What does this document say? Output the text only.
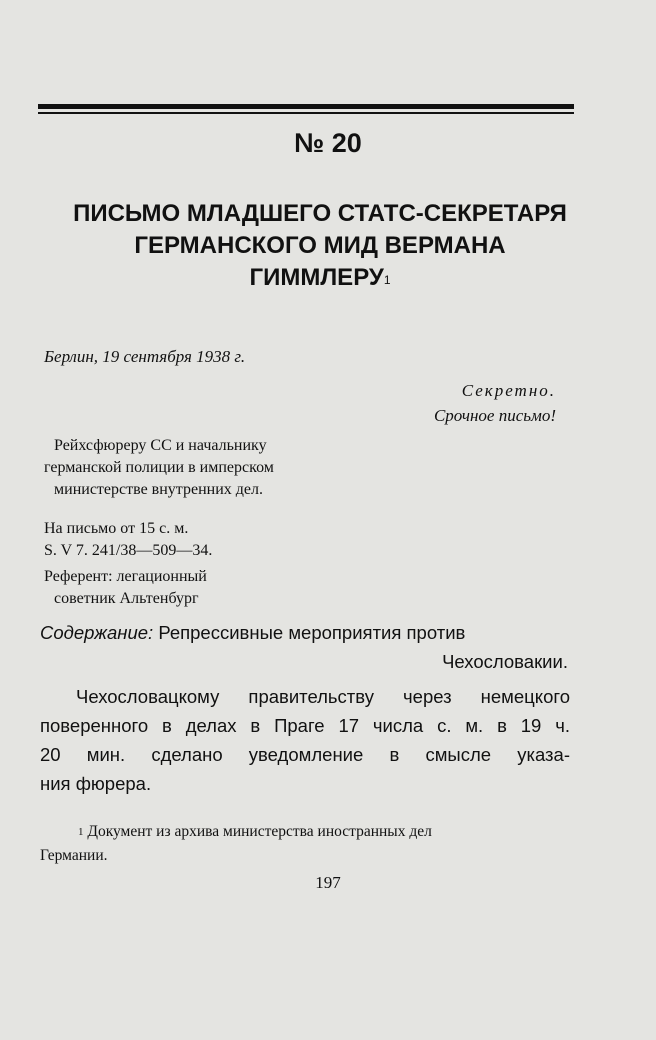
№ 20
ПИСЬМО МЛАДШЕГО СТАТС-СЕКРЕТАРЯ
ГЕРМАНСКОГО МИД ВЕРМАНА
ГИММЛЕРУ$^1$
Берлин, 19 сентября 1938 г.
Секретно.
Срочное письмо!
Рейхсфюреру СС и начальнику
германской полиции в имперском
министерстве внутренних дел.
На письмо от 15 с. м.
S. V 7. 241/38—509—34.
Референт: легационный
советник Альтенбург
Содержание: Репрессивные мероприятия против
Чехословакии.
Чехословацкому правительству через немецкого
поверенного в делах в Праге 17 числа с. м. в 19 ч.
20 мин. сделано уведомление в смысле указа-
ния фюрера.
$^1$ Документ из архива министерства иностранных дел
Германии.
197
